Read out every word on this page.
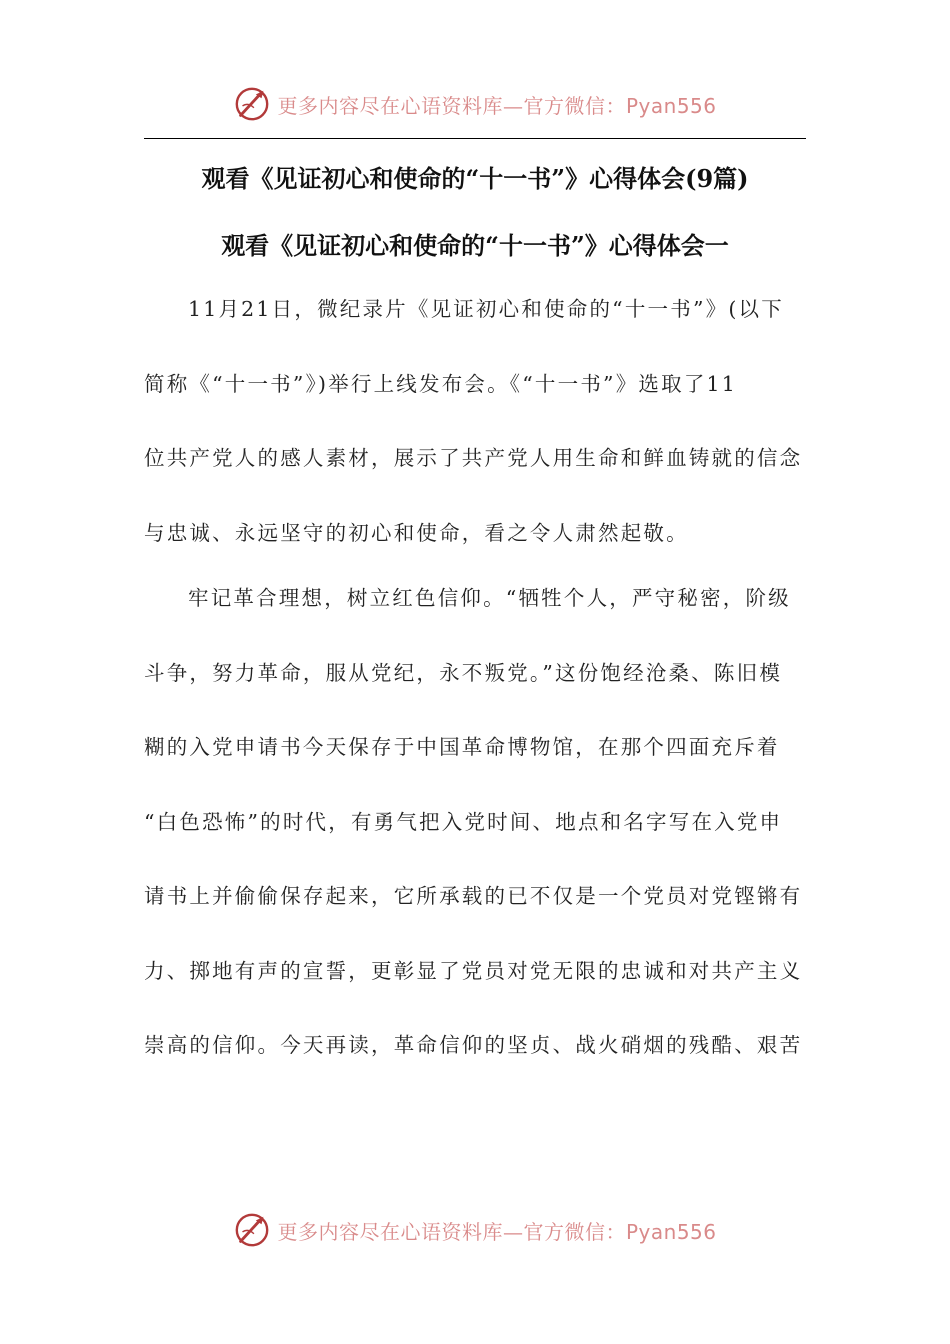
更多内容尽在心语资料库—官方微信：Pyan556
观看《见证初心和使命的“十一书”》心得体会(9篇)
观看《见证初心和使命的“十一书”》心得体会一
11月21日，微纪录片《见证初心和使命的“十一书”》(以下
简称《“十一书”》)举行上线发布会。《“十一书”》选取了11
位共产党人的感人素材，展示了共产党人用生命和鲜血铸就的信念
与忠诚、永远坚守的初心和使命，看之令人肃然起敬。
牢记革合理想，树立红色信仰。“牺牲个人，严守秘密，阶级
斗争，努力革命，服从党纪，永不叛党。”这份饱经沧桑、陈旧模
糊的入党申请书今天保存于中国革命博物馆，在那个四面充斥着
“白色恐怖”的时代，有勇气把入党时间、地点和名字写在入党申
请书上并偷偷保存起来，它所承载的已不仅是一个党员对党铿锵有
力、掷地有声的宣誓，更彰显了党员对党无限的忠诚和对共产主义
崇高的信仰。今天再读，革命信仰的坚贞、战火硝烟的残酷、艰苦
更多内容尽在心语资料库—官方微信：Pyan556
